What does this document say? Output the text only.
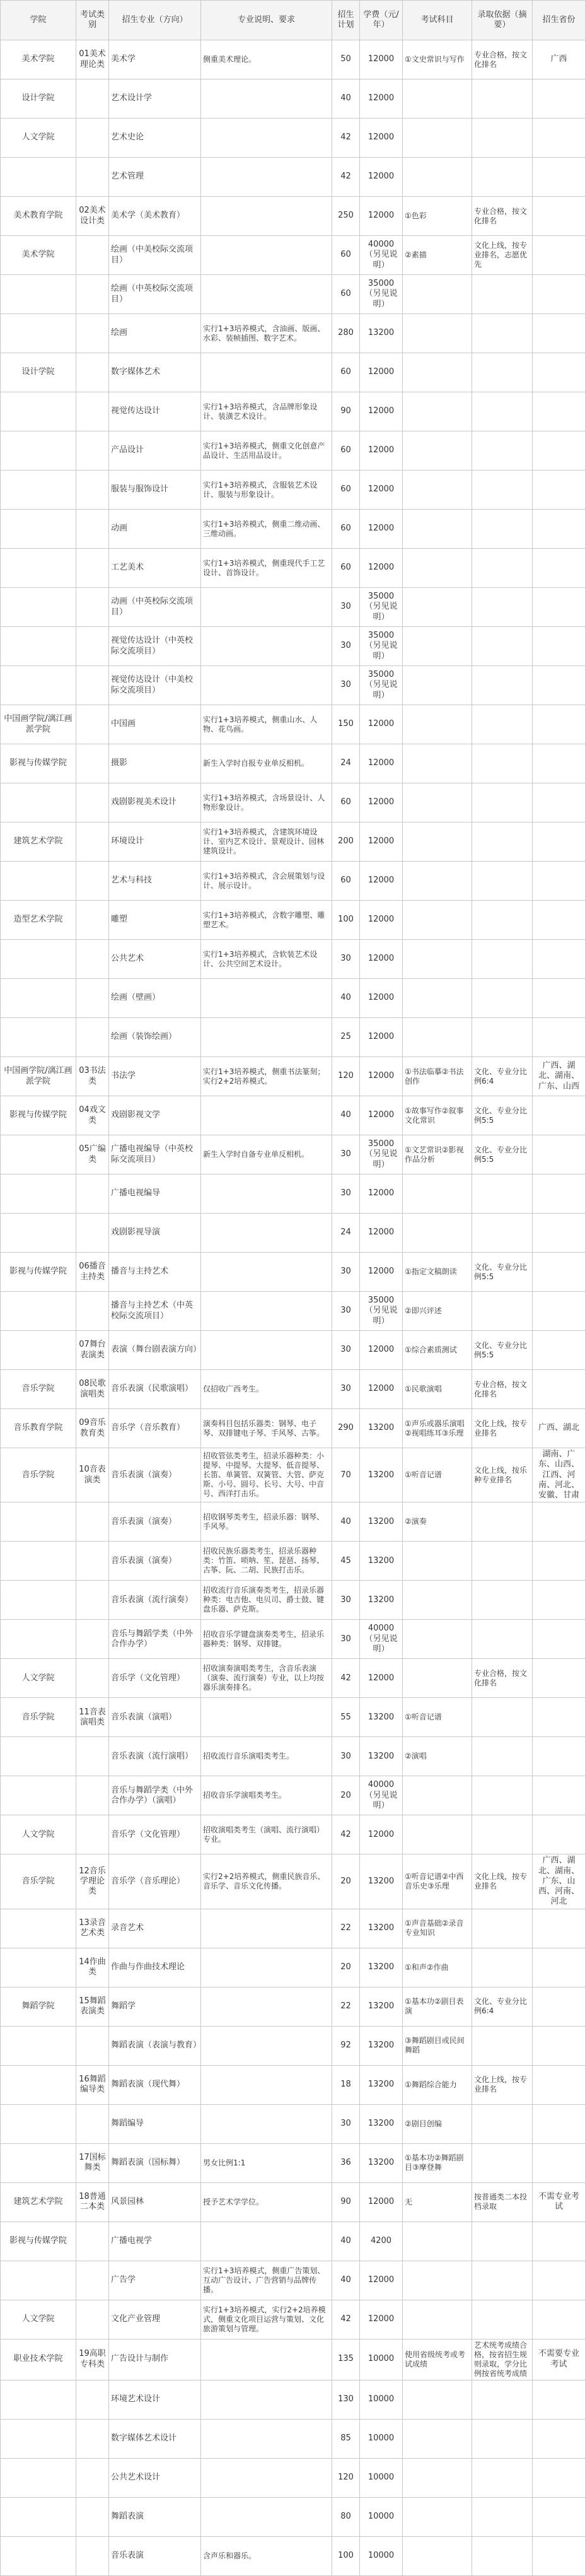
学院	考试类别	招生专业（方向）	专业说明、要求	招生计划	学费（元/年）	考试科目	录取依据（摘要）	招生省份
美术学院	01美术理论类	美术学	侧重美术理论。	50	12000	①文史常识与写作	专业合格，按文化排名	广西
设计学院		艺术设计学		40	12000			
人文学院		艺术史论		42	12000			
		艺术管理		42	12000			
美术教育学院	02美术设计类	美术学（美术教育）		250	12000	①色彩	专业合格，按文化排名	
美术学院		绘画（中美校际交流项目）		60	40000（另见说明）	②素描	文化上线，按专业排名，志愿优先	
		绘画（中英校际交流项目）		60	35000（另见说明）			
		绘画	实行1+3培养模式，含油画、版画、水彩、装帧插图、数字艺术。	280	13200			
设计学院		数字媒体艺术		60	12000			
		视觉传达设计	实行1+3培养模式，含品牌形象设计、装潢艺术设计。	90	12000			
		产品设计	实行1+3培养模式，侧重文化创意产品设计、生活用品设计。	60	12000			
		服装与服饰设计	实行1+3培养模式，含服装艺术设计、服装与形象设计。	60	12000			
		动画	实行1+3培养模式，侧重二维动画、三维动画。	60	12000			
		工艺美术	实行1+3培养模式，侧重现代手工艺设计、首饰设计。	60	12000			
		动画（中英校际交流项目）		30	35000（另见说明）			
		视觉传达设计（中英校际交流项目）		30	35000（另见说明）			
		视觉传达设计（中美校际交流项目）		30	35000（另见说明）			
中国画学院/漓江画派学院		中国画	实行1+3培养模式，侧重山水、人物、花鸟画。	150	12000			
影视与传媒学院		摄影	新生入学时自报专业单反相机。	24	12000			
		戏剧影视美术设计	实行1+3培养模式，含场景设计、人物形象设计。	60	12000			
建筑艺术学院		环境设计	实行1+3培养模式，含建筑环境设计、室内艺术设计、景观设计、园林建筑设计。	200	12000			
		艺术与科技	实行1+3培养模式，含会展策划与设计、展示设计。	60	12000			
造型艺术学院		雕塑	实行1+3培养模式，含数字雕塑、雕塑艺术。	100	12000			
		公共艺术	实行1+3培养模式，含软装艺术设计、公共空间艺术设计。	30	12000			
		绘画（壁画）		40	12000			
		绘画（装饰绘画）		25	12000			
中国画学院/漓江画派学院	03书法类	书法学	实行1+3培养模式，侧重书法篆刻；实行2+2培养模式。	120	12000	①书法临摹②书法创作	文化、专业分比例6:4	广西、湖北、湖南、广东、山西
影视与传媒学院	04戏文类	戏剧影视文学		40	12000	①故事写作②叙事文化常识	文化、专业分比例5:5	
	05广编类	广播电视编导（中英校际交流项目）	新生入学时自备专业单反相机。	30	35000（另见说明）	①文艺常识②影视作品分析	文化、专业分比例5:5	
		广播电视编导		30	12000			
		戏剧影视导演		24	12000			
影视与传媒学院	06播音主持类	播音与主持艺术		30	12000	①指定文稿朗读	文化、专业分比例5:5	
		播音与主持艺术（中英校际交流项目）		30	35000（另见说明）	②即兴评述		
	07舞台表演类	表演（舞台剧表演方向）		30	12000	①综合素质测试	文化、专业分比例5:5	
音乐学院	08民歌演唱类	音乐表演（民歌演唱）	仅招收广西考生。	30	12000	①民歌演唱	专业合格，按文化排名	
音乐教育学院	09音乐教育类	音乐学（音乐教育）	演奏科目包括乐器类：钢琴、电子琴、双排键电子琴、手风琴、古筝。	290	13200	①声乐或器乐演唱②视唱练耳③乐理	文化上线，按专业排名	广西、湖北
音乐学院	10音表演类	音乐表演（演奏）	招收管弦类考生，招录乐器种类：小提琴、中提琴、大提琴、低音提琴、长笛、单簧管、双簧管、大管、萨克斯、小号、圆号、长号、大号、中音号、西洋打击乐。	70	13200	①听音记谱	文化上线，按乐种专业排名	湖南、广东、山西、江西、河南、河北、安徽、甘肃
		音乐表演（演奏）	招收钢琴类考生，招录乐器：钢琴、手风琴。	40	13200	②演奏		
		音乐表演（演奏）	招收民族乐器类考生，招录乐器种类：竹笛、唢呐、笙、琵琶、扬琴、古筝、阮、二胡、民族打击乐。	45	13200			
		音乐表演（流行演奏）	招收流行音乐演奏类考生，招录乐器种类：电吉他、电贝司、爵士鼓、键盘乐器、萨克斯。	30	13200			
		音乐与舞蹈学类（中外合作办学）	招收音乐学键盘演奏类考生，招录乐器种类：钢琴、双排键。	30	40000（另见说明）			
人文学院		音乐学（文化管理）	招收演奏演唱类考生，含音乐表演（演奏、流行演奏）专业，以上均按器乐演奏排名。	42	12000		专业合格，按文化排名	
音乐学院	11音表演唱类	音乐表演（演唱）		55	13200	①听音记谱		
		音乐表演（流行演唱）	招收流行音乐演唱类考生。	30	13200	②演唱		
		音乐与舞蹈学类（中外合作办学）（演唱）	招收音乐学演唱类考生。	20	40000（另见说明）			
人文学院		音乐学（文化管理）	招收演唱类考生（演唱、流行演唱）专业。	42	12000			
音乐学院	12音乐学理论类	音乐学（音乐理论）	实行2+2培养模式，侧重民族音乐、音乐学、音乐文化传播。	20	13200	①听音记谱②中西音乐史③乐理	文化上线，按专业排名	广西、湖北、湖南、广东、山西、河南、河北
	13录音艺术类	录音艺术		22	13200	①声音基础②录音专业知识		
	14作曲类	作曲与作曲技术理论		20	13200	①和声②作曲		
舞蹈学院	15舞蹈表演类	舞蹈学		22	13200	①基本功②剧目表演	文化、专业分比例6:4	
		舞蹈表演（表演与教育）		92	13200	③舞蹈剧目或民间舞蹈		
	16舞蹈编导类	舞蹈表演（现代舞）		18	13200	①舞蹈综合能力	文化上线，按专业排名	
		舞蹈编导		30	13200	②剧目创编		
	17国标舞类	舞蹈表演（国标舞）	男女比例1:1	36	13200	①基本功②舞蹈剧目③摩登舞		
建筑艺术学院	18普通二本类	风景园林	授予艺术学学位。	90	12000	无	按普通类二本投档录取	不需专业考试
影视与传媒学院		广播电视学		40	4200			
		广告学	实行1+3培养模式，侧重广告策划、互动广告设计、广告营销与品牌传播。	40	12000			
人文学院		文化产业管理	实行1+3培养模式，实行2+2培养模式，侧重文化项目运营与策划、文化旅游策划与管理。	42	12000			
职业技术学院	19高职专科类	广告设计与制作		135	10000	使用省级统考或考试成绩	艺术统考成绩合格，按省招生规则录取，学分比例按省统考成绩	不需要专业考试
		环境艺术设计		130	10000			
		数字媒体艺术设计		85	10000			
		公共艺术设计		120	10000			
		舞蹈表演		80	10000			
		音乐表演	含声乐和器乐。	100	10000			
